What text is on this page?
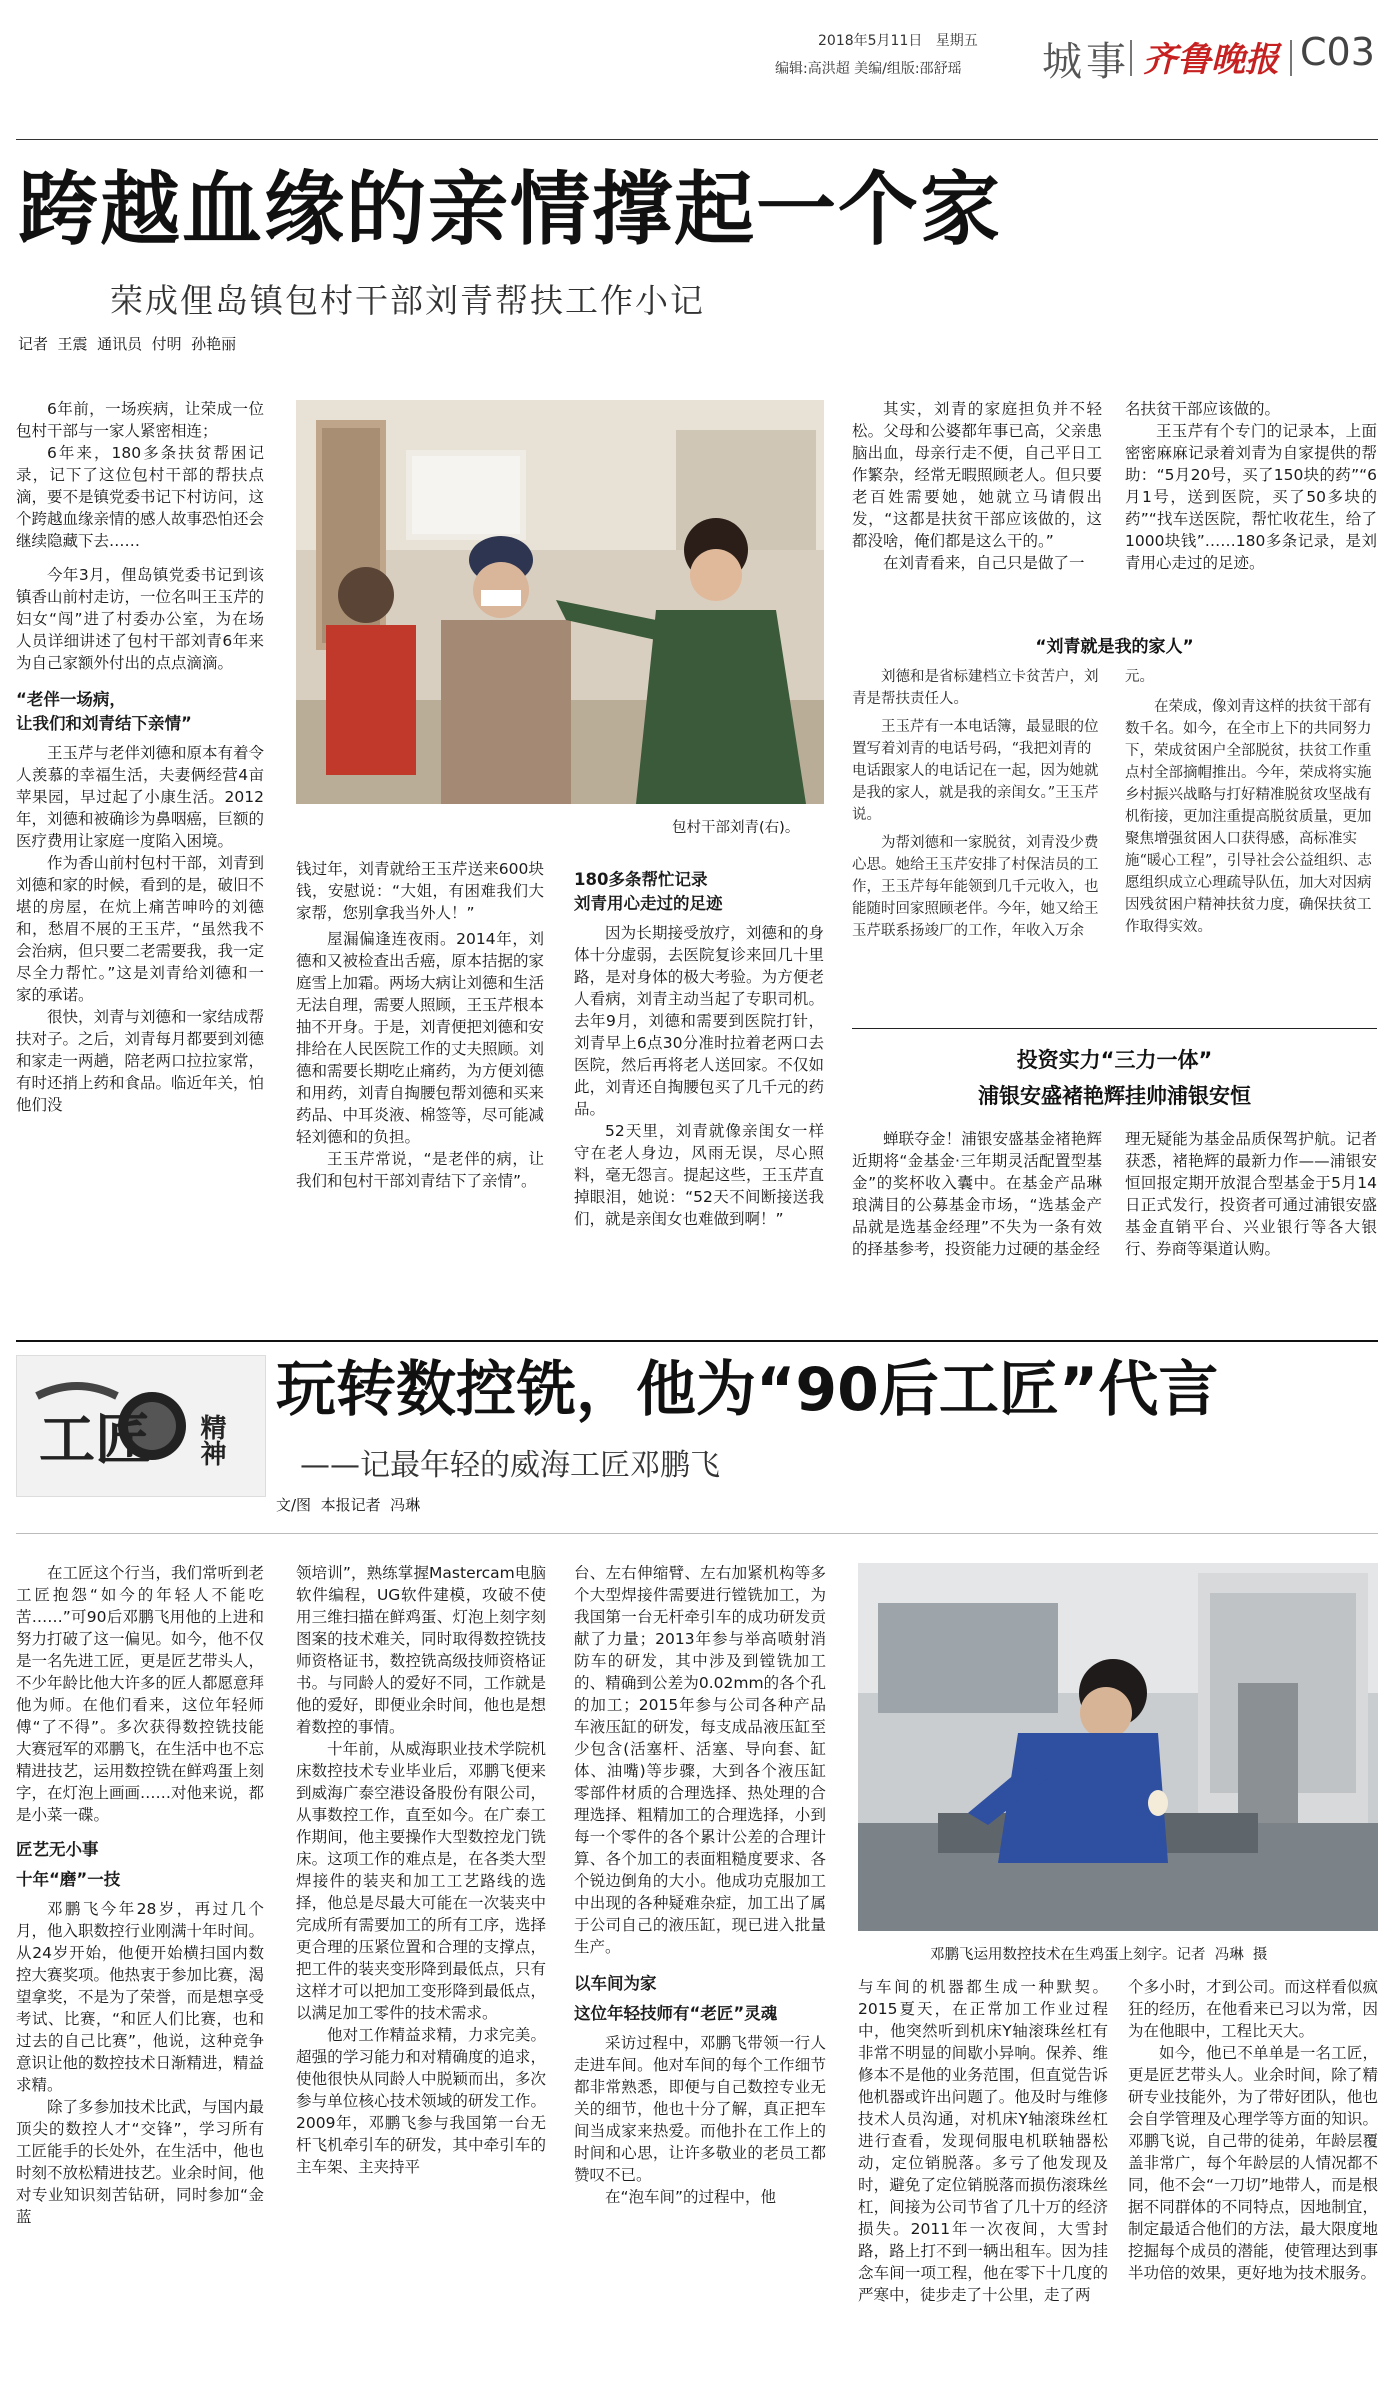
2018年5月11日 星期五
编辑:高洪超 美编/组版:邵舒瑶 城事 齐鲁晚报 C03
跨越血缘的亲情撑起一个家
荣成俚岛镇包村干部刘青帮扶工作小记
记者  王震  通讯员  付明  孙艳丽

6年前，一场疾病，让荣成一位包村干部与一家人紧密相连；

6年来，180多条扶贫帮困记录，记下了这位包村干部的帮扶点滴，要不是镇党委书记下村访问，这个跨越血缘亲情的感人故事恐怕还会继续隐藏下去……

今年3月，俚岛镇党委书记到该镇香山前村走访，一位名叫王玉芹的妇女“闯”进了村委办公室，为在场人员详细讲述了包村干部刘青6年来为自己家额外付出的点点滴滴。

“老伴一场病，
让我们和刘青结下亲情”

王玉芹与老伴刘德和原本有着令人羡慕的幸福生活，夫妻俩经营4亩苹果园，早过起了小康生活。2012年，刘德和被确诊为鼻咽癌，巨额的医疗费用让家庭一度陷入困境。

作为香山前村包村干部，刘青到刘德和家的时候，看到的是，破旧不堪的房屋，在炕上痛苦呻吟的刘德和，愁眉不展的王玉芹，“虽然我不会治病，但只要二老需要我，我一定尽全力帮忙。”这是刘青给刘德和一家的承诺。

很快，刘青与刘德和一家结成帮扶对子。之后，刘青每月都要到刘德和家走一两趟，陪老两口拉拉家常，有时还捎上药和食品。临近年关，怕他们没

包村干部刘青(右)。

钱过年，刘青就给王玉芹送来600块钱，安慰说：“大姐，有困难我们大家帮，您别拿我当外人！”

屋漏偏逢连夜雨。2014年，刘德和又被检查出舌癌，原本拮据的家庭雪上加霜。两场大病让刘德和生活无法自理，需要人照顾，王玉芹根本抽不开身。于是，刘青便把刘德和安排给在人民医院工作的丈夫照顾。刘德和需要长期吃止痛药，为方便刘德和用药，刘青自掏腰包帮刘德和买来药品、中耳炎液、棉签等，尽可能减轻刘德和的负担。

王玉芹常说，“是老伴的病，让我们和包村干部刘青结下了亲情”。

180多条帮忙记录
刘青用心走过的足迹

因为长期接受放疗，刘德和的身体十分虚弱，去医院复诊来回几十里路，是对身体的极大考验。为方便老人看病，刘青主动当起了专职司机。 去年9月，刘德和需要到医院打针，刘青早上6点30分准时拉着老两口去医院，然后再将老人送回家。不仅如此，刘青还自掏腰包买了几千元的药品。

52天里，刘青就像亲闺女一样守在老人身边，风雨无误，尽心照料，毫无怨言。提起这些，王玉芹直掉眼泪，她说：“52天不间断接送我们，就是亲闺女也难做到啊！”

其实，刘青的家庭担负并不轻松。父母和公婆都年事已高，父亲患脑出血，母亲行走不便，自己平日工作繁杂，经常无暇照顾老人。但只要老百姓需要她，她就立马请假出发，“这都是扶贫干部应该做的，这都没啥，俺们都是这么干的。”

在刘青看来，自己只是做了一

名扶贫干部应该做的。

王玉芹有个专门的记录本，上面密密麻麻记录着刘青为自家提供的帮助：“5月20号，买了150块的药”“6月1号，送到医院，买了50多块的药”“找车送医院，帮忙收花生，给了1000块钱”……180多条记录，是刘青用心走过的足迹。

“刘青就是我的家人”

刘德和是省标建档立卡贫苦户，刘青是帮扶责任人。

王玉芹有一本电话簿，最显眼的位置写着刘青的电话号码，“我把刘青的电话跟家人的电话记在一起，因为她就是我的家人，就是我的亲闺女。”王玉芹说。

为帮刘德和一家脱贫，刘青没少费心思。她给王玉芹安排了村保洁员的工作，王玉芹每年能领到几千元收入，也能随时回家照顾老伴。今年，她又给王玉芹联系扬竣厂的工作，年收入万余

元。

在荣成，像刘青这样的扶贫干部有数千名。如今，在全市上下的共同努力下，荣成贫困户全部脱贫，扶贫工作重点村全部摘帽推出。今年，荣成将实施乡村振兴战略与打好精准脱贫攻坚战有机衔接，更加注重提高脱贫质量，更加聚焦增强贫困人口获得感，高标准实施“暖心工程”，引导社会公益组织、志愿组织成立心理疏导队伍，加大对因病因残贫困户精神扶贫力度，确保扶贫工作取得实效。

投资实力“三力一体”
浦银安盛褚艳辉挂帅浦银安恒

蝉联夺金！浦银安盛基金褚艳辉近期将“金基金·三年期灵活配置型基金”的奖杯收入囊中。在基金产品琳琅满目的公募基金市场，“选基金产品就是选基金经理”不失为一条有效的择基参考，投资能力过硬的基金经

理无疑能为基金品质保驾护航。记者获悉，褚艳辉的最新力作——浦银安恒回报定期开放混合型基金于5月14日正式发行，投资者可通过浦银安盛基金直销平台、兴业银行等各大银行、券商等渠道认购。

工匠 精神
玩转数控铣，他为“90后工匠”代言
——记最年轻的威海工匠邓鹏飞
文/图  本报记者  冯琳

在工匠这个行当，我们常听到老工匠抱怨“如今的年轻人不能吃苦……”可90后邓鹏飞用他的上进和努力打破了这一偏见。如今，他不仅是一名先进工匠，更是匠艺带头人，不少年龄比他大许多的匠人都愿意拜他为师。在他们看来，这位年轻师傅“了不得”。多次获得数控铣技能大赛冠军的邓鹏飞，在生活中也不忘精进技艺，运用数控铣在鲜鸡蛋上刻字，在灯泡上画画……对他来说，都是小菜一碟。

匠艺无小事
十年“磨”一技

邓鹏飞今年28岁，再过几个月，他入职数控行业刚满十年时间。从24岁开始，他便开始横扫国内数控大赛奖项。他热衷于参加比赛，渴望拿奖，不是为了荣誉，而是想享受考试、比赛，“和匠人们比赛，也和过去的自己比赛”，他说，这种竞争意识让他的数控技术日渐精进，精益求精。

除了多参加技术比武，与国内最顶尖的数控人才“交锋”，学习所有工匠能手的长处外，在生活中，他也时刻不放松精进技艺。业余时间，他对专业知识刻苦钻研，同时参加“金蓝

领培训”，熟练掌握Mastercam电脑软件编程，UG软件建模，攻破不使用三维扫描在鲜鸡蛋、灯泡上刻字刻图案的技术难关，同时取得数控铣技师资格证书，数控铣高级技师资格证书。与同龄人的爱好不同，工作就是他的爱好，即便业余时间，他也是想着数控的事情。

十年前，从威海职业技术学院机床数控技术专业毕业后，邓鹏飞便来到威海广泰空港设备股份有限公司，从事数控工作，直至如今。在广泰工作期间，他主要操作大型数控龙门铣床。这项工作的难点是，在各类大型焊接件的装夹和加工工艺路线的选择，他总是尽最大可能在一次装夹中完成所有需要加工的所有工序，选择更合理的压紧位置和合理的支撑点，把工件的装夹变形降到最低点，只有这样才可以把加工变形降到最低点，以满足加工零件的技术需求。

他对工作精益求精，力求完美。超强的学习能力和对精确度的追求，使他很快从同龄人中脱颖而出，多次参与单位核心技术领域的研发工作。2009年，邓鹏飞参与我国第一台无杆飞机牵引车的研发，其中牵引车的主车架、主夹持平

台、左右伸缩臂、左右加紧机构等多个大型焊接件需要进行镗铣加工，为我国第一台无杆牵引车的成功研发贡献了力量；2013年参与举高喷射消防车的研发，其中涉及到镗铣加工的、精确到公差为0.02mm的各个孔的加工；2015年参与公司各种产品车液压缸的研发，每支成品液压缸至少包含(活塞杆、活塞、导向套、缸体、油嘴)等步骤，大到各个液压缸零部件材质的合理选择、热处理的合理选择、粗精加工的合理选择，小到每一个零件的各个累计公差的合理计算、各个加工的表面粗糙度要求、各个锐边倒角的大小。他成功克服加工中出现的各种疑难杂症，加工出了属于公司自己的液压缸，现已进入批量生产。

以车间为家
这位年轻技师有“老匠”灵魂

采访过程中，邓鹏飞带领一行人走进车间。他对车间的每个工作细节都非常熟悉，即便与自己数控专业无关的细节，他也十分了解，真正把车间当成家来热爱。而他扑在工作上的时间和心思，让许多敬业的老员工都赞叹不已。

在“泡车间”的过程中，他

邓鹏飞运用数控技术在生鸡蛋上刻字。记者  冯琳  摄

与车间的机器都生成一种默契。2015夏天，在正常加工作业过程中，他突然听到机床Y轴滚珠丝杠有非常不明显的间歇小异响。保养、维修本不是他的业务范围，但直觉告诉他机器或许出问题了。他及时与维修技术人员沟通，对机床Y轴滚珠丝杠进行查看，发现伺服电机联轴器松动，定位销脱落。多亏了他发现及时，避免了定位销脱落而损伤滚珠丝杠，间接为公司节省了几十万的经济损失。2011年一次夜间，大雪封路，路上打不到一辆出租车。因为挂念车间一项工程，他在零下十几度的严寒中，徒步走了十公里，走了两

个多小时，才到公司。而这样看似疯狂的经历，在他看来已习以为常，因为在他眼中，工程比天大。

如今，他已不单单是一名工匠，更是匠艺带头人。业余时间，除了精研专业技能外，为了带好团队，他也会自学管理及心理学等方面的知识。邓鹏飞说，自己带的徒弟，年龄层覆盖非常广，每个年龄层的人情况都不同，他不会“一刀切”地带人，而是根据不同群体的不同特点，因地制宜，制定最适合他们的方法，最大限度地挖掘每个成员的潜能，使管理达到事半功倍的效果，更好地为技术服务。
